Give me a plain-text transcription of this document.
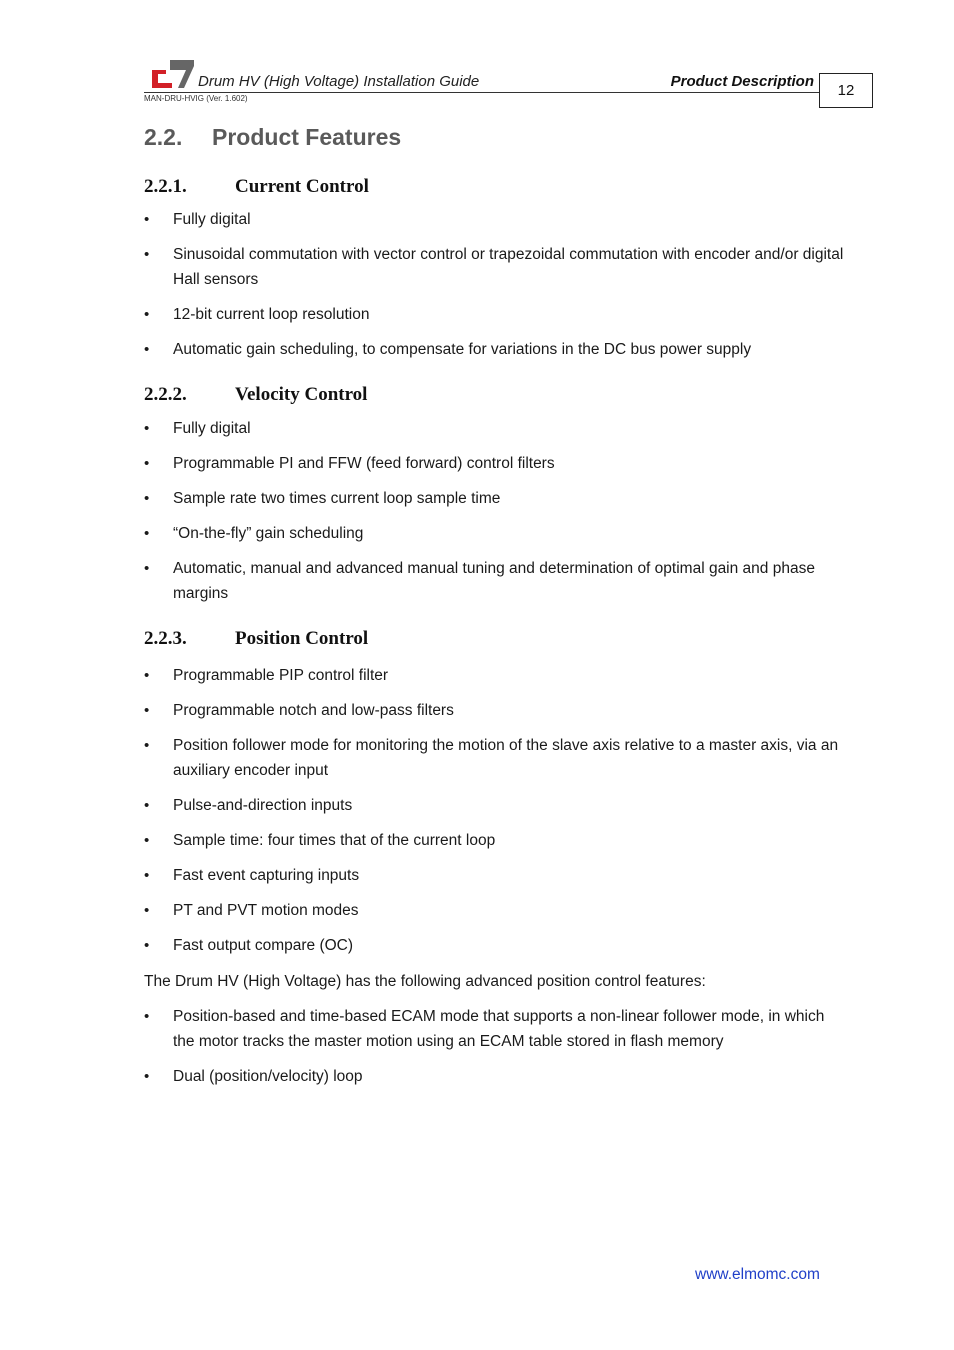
Drum HV (High Voltage) Installation Guide	Product Description
MAN-DRU-HVIG (Ver. 1.602)	12
2.2. Product Features
2.2.1.	Current Control
• Fully digital
• Sinusoidal commutation with vector control or trapezoidal commutation with encoder and/or digital Hall sensors
• 12-bit current loop resolution
• Automatic gain scheduling, to compensate for variations in the DC bus power supply
2.2.2.	Velocity Control
• Fully digital
• Programmable PI and FFW (feed forward) control filters
• Sample rate two times current loop sample time
• “On-the-fly” gain scheduling
• Automatic, manual and advanced manual tuning and determination of optimal gain and phase margins
2.2.3.	Position Control
• Programmable PIP control filter
• Programmable notch and low-pass filters
• Position follower mode for monitoring the motion of the slave axis relative to a master axis, via an auxiliary encoder input
• Pulse-and-direction inputs
• Sample time: four times that of the current loop
• Fast event capturing inputs
• PT and PVT motion modes
• Fast output compare (OC)

The Drum HV (High Voltage) has the following advanced position control features:

• Position-based and time-based ECAM mode that supports a non-linear follower mode, in which the motor tracks the master motion using an ECAM table stored in flash memory
• Dual (position/velocity) loop
www.elmomc.com
